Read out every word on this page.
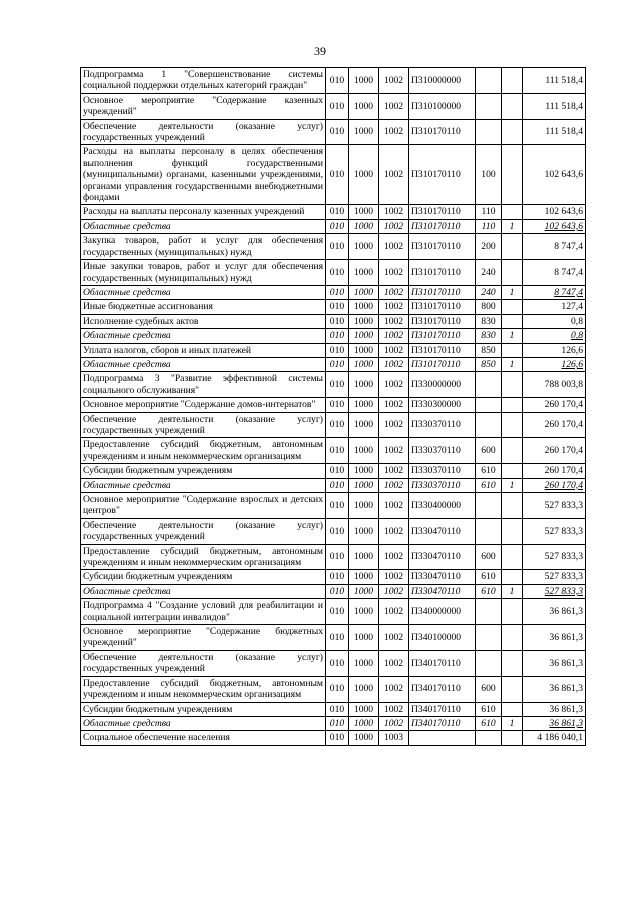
39
Подпрограмма 1 "Совершенствование системы социальной поддержки отдельных категорий граждан"	010	1000	1002	П310000000			111 518,4
Основное мероприятие "Содержание казенных учреждений"	010	1000	1002	П310100000			111 518,4
Обеспечение деятельности (оказание услуг) государственных учреждений	010	1000	1002	П310170110			111 518,4
Расходы на выплаты персоналу в целях обеспечения выполнения функций государственными (муниципальными) органами, казенными учреждениями, органами управления государственными внебюджетными фондами	010	1000	1002	П310170110	100		102 643,6
Расходы на выплаты персоналу казенных учреждений	010	1000	1002	П310170110	110		102 643,6
Областные средства	010	1000	1002	П310170110	110	1	102 643,6
Закупка товаров, работ и услуг для обеспечения государственных (муниципальных) нужд	010	1000	1002	П310170110	200		8 747,4
Иные закупки товаров, работ и услуг для обеспечения государственных (муниципальных) нужд	010	1000	1002	П310170110	240		8 747,4
Областные средства	010	1000	1002	П310170110	240	1	8 747,4
Иные бюджетные ассигнования	010	1000	1002	П310170110	800		127,4
Исполнение судебных актов	010	1000	1002	П310170110	830		0,8
Областные средства	010	1000	1002	П310170110	830	1	0,8
Уплата налогов, сборов и иных платежей	010	1000	1002	П310170110	850		126,6
Областные средства	010	1000	1002	П310170110	850	1	126,6
Подпрограмма 3 "Развитие эффективной системы социального обслуживания"	010	1000	1002	П330000000			788 003,8
Основное мероприятие "Содержание домов-интернатов"	010	1000	1002	П330300000			260 170,4
Обеспечение деятельности (оказание услуг) государственных учреждений	010	1000	1002	П330370110			260 170,4
Предоставление субсидий бюджетным, автономным учреждениям и иным некоммерческим организациям	010	1000	1002	П330370110	600		260 170,4
Субсидии бюджетным учреждениям	010	1000	1002	П330370110	610		260 170,4
Областные средства	010	1000	1002	П330370110	610	1	260 170,4
Основное мероприятие "Содержание взрослых и детских центров"	010	1000	1002	П330400000			527 833,3
Обеспечение деятельности (оказание услуг) государственных учреждений	010	1000	1002	П330470110			527 833,3
Предоставление субсидий бюджетным, автономным учреждениям и иным некоммерческим организациям	010	1000	1002	П330470110	600		527 833,3
Субсидии бюджетным учреждениям	010	1000	1002	П330470110	610		527 833,3
Областные средства	010	1000	1002	П330470110	610	1	527 833,3
Подпрограмма 4 "Создание условий для реабилитации и социальной интеграции инвалидов"	010	1000	1002	П340000000			36 861,3
Основное мероприятие "Содержание бюджетных учреждений"	010	1000	1002	П340100000			36 861,3
Обеспечение деятельности (оказание услуг) государственных учреждений	010	1000	1002	П340170110			36 861,3
Предоставление субсидий бюджетным, автономным учреждениям и иным некоммерческим организациям	010	1000	1002	П340170110	600		36 861,3
Субсидии бюджетным учреждениям	010	1000	1002	П340170110	610		36 861,3
Областные средства	010	1000	1002	П340170110	610	1	36 861,3
Социальное обеспечение населения	010	1000	1003				4 186 040,1
